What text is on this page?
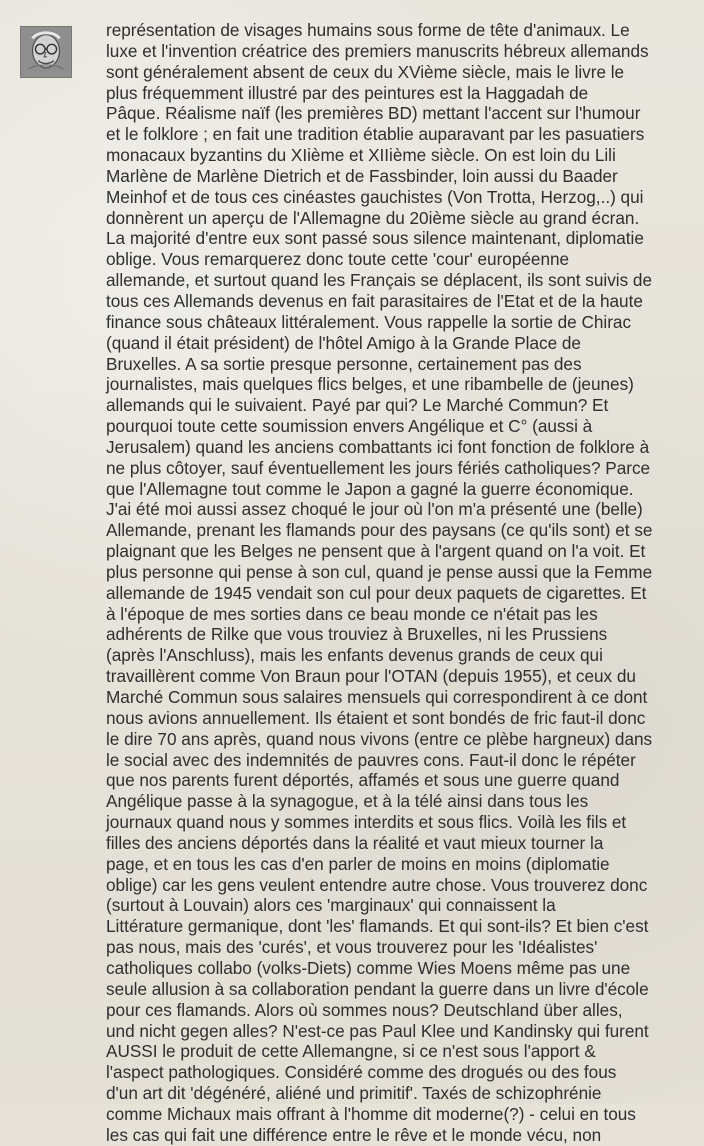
représentation de visages humains sous forme de tête d'animaux. Le
luxe et l'invention créatrice des premiers manuscrits hébreux allemands
sont généralement absent de ceux du XVième siècle, mais le livre le
plus fréquemment illustré par des peintures est la Haggadah de
Pâque. Réalisme naïf (les premières BD) mettant l'accent sur l'humour
et le folklore ; en fait une tradition établie auparavant par les pasuatiers
monacaux byzantins du XIième et XIIième siècle. On est loin du Lili
Marlène de Marlène Dietrich et de Fassbinder, loin aussi du Baader
Meinhof et de tous ces cinéastes gauchistes (Von Trotta, Herzog,..) qui
donnèrent un aperçu de l'Allemagne du 20ième siècle au grand écran.
La majorité d'entre eux sont passé sous silence maintenant, diplomatie
oblige. Vous remarquerez donc toute cette 'cour' européenne
allemande, et surtout quand les Français se déplacent, ils sont suivis de
tous ces Allemands devenus en fait parasitaires de l'Etat et de la haute
finance sous châteaux littéralement. Vous rappelle la sortie de Chirac
(quand il était président) de l'hôtel Amigo à la Grande Place de
Bruxelles. A sa sortie presque personne, certainement pas des
journalistes, mais quelques flics belges, et une ribambelle de (jeunes)
allemands qui le suivaient. Payé par qui? Le Marché Commun? Et
pourquoi toute cette soumission envers Angélique et C° (aussi à
Jerusalem) quand les anciens combattants ici font fonction de folklore à
ne plus côtoyer, sauf éventuellement les jours fériés catholiques? Parce
que l'Allemagne tout comme le Japon a gagné la guerre économique.
J'ai été moi aussi assez choqué le jour où l'on m'a présenté une (belle)
Allemande, prenant les flamands pour des paysans (ce qu'ils sont) et se
plaignant que les Belges ne pensent que à l'argent quand on l'a voit. Et
plus personne qui pense à son cul, quand je pense aussi que la Femme
allemande de 1945 vendait son cul pour deux paquets de cigarettes. Et
à l'époque de mes sorties dans ce beau monde ce n'était pas les
adhérents de Rilke que vous trouviez à Bruxelles, ni les Prussiens
(après l'Anschluss), mais les enfants devenus grands de ceux qui
travaillèrent comme Von Braun pour l'OTAN (depuis 1955), et ceux du
Marché Commun sous salaires mensuels qui correspondirent à ce dont
nous avions annuellement. Ils étaient et sont bondés de fric faut-il donc
le dire 70 ans après, quand nous vivons (entre ce plèbe hargneux) dans
le social avec des indemnités de pauvres cons. Faut-il donc le répéter
que nos parents furent déportés, affamés et sous une guerre quand
Angélique passe à la synagogue, et à la télé ainsi dans tous les
journaux quand nous y sommes interdits et sous flics. Voilà les fils et
filles des anciens déportés dans la réalité et vaut mieux tourner la
page, et en tous les cas d'en parler de moins en moins (diplomatie
oblige) car les gens veulent entendre autre chose. Vous trouverez donc
(surtout à Louvain) alors ces 'marginaux' qui connaissent la
Littérature germanique, dont 'les' flamands. Et qui sont-ils? Et bien c'est
pas nous, mais des 'curés', et vous trouverez pour les 'Idéalistes'
catholiques collabo (volks-Diets) comme Wies Moens même pas une
seule allusion à sa collaboration pendant la guerre dans un livre d'école
pour ces flamands. Alors où sommes nous? Deutschland über alles,
und nicht gegen alles? N'est-ce pas Paul Klee und Kandinsky qui furent
AUSSI le produit de cette Allemangne, si ce n'est sous l'apport &
l'aspect pathologiques. Considéré comme des drogués ou des fous
d'un art dit 'dégénéré, aliéné und primitif'. Taxés de schizophrénie
comme Michaux mais offrant à l'homme dit moderne(?) - celui en tous
les cas qui fait une différence entre le rêve et le monde vécu, non
